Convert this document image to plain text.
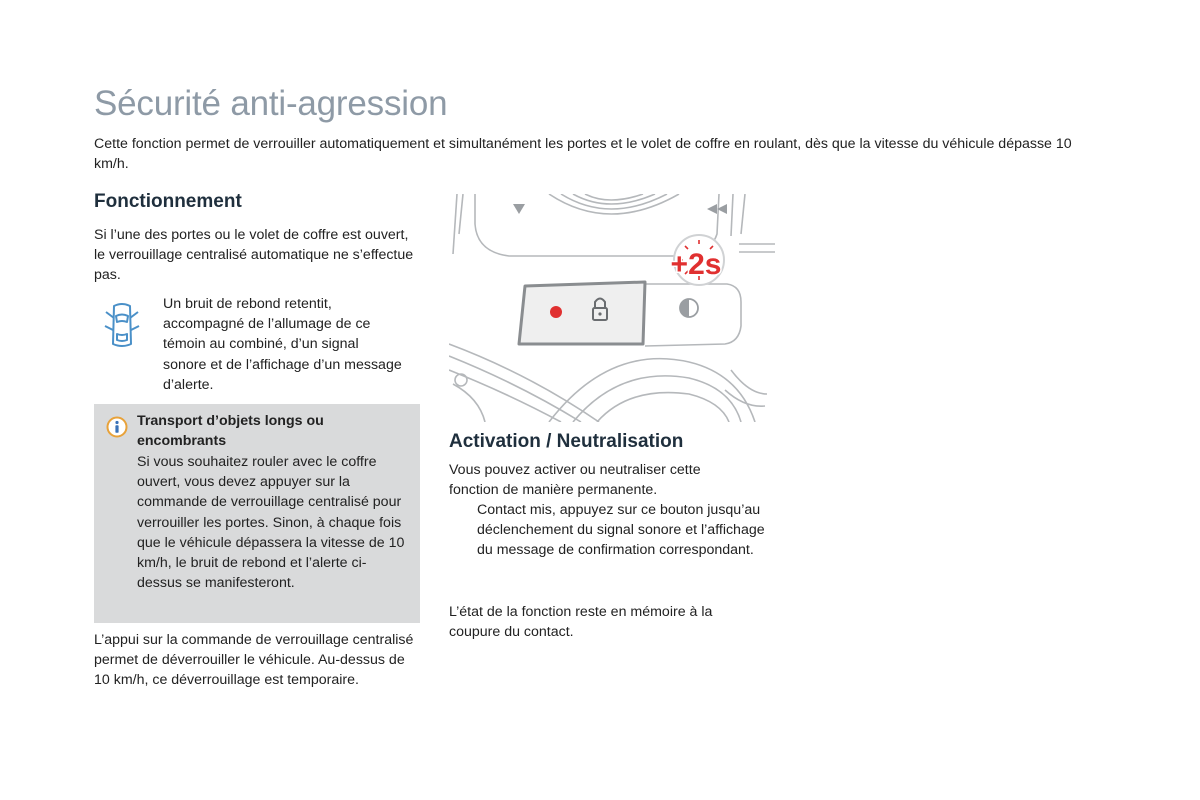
Sécurité anti-agression

Cette fonction permet de verrouiller automatiquement et simultanément les portes et le volet de coffre en roulant, dès que la vitesse du véhicule dépasse 10 km/h.

Fonctionnement

Si l’une des portes ou le volet de coffre est ouvert, le verrouillage centralisé automatique ne s’effectue pas.

Un bruit de rebond retentit, accompagné de l’allumage de ce témoin au combiné, d’un signal sonore et de l’affichage d’un message d’alerte.

Transport d’objets longs ou encombrants

Si vous souhaitez rouler avec le coffre ouvert, vous devez appuyer sur la commande de verrouillage centralisé pour verrouiller les portes. Sinon, à chaque fois que le véhicule dépassera la vitesse de 10 km/h, le bruit de rebond et l’alerte ci-dessus se manifesteront.

L’appui sur la commande de verrouillage centralisé permet de déverrouiller le véhicule. Au-dessus de 10 km/h, ce déverrouillage est temporaire.

+2s
Activation / Neutralisation

Vous pouvez activer ou neutraliser cette fonction de manière permanente.

Contact mis, appuyez sur ce bouton jusqu’au déclenchement du signal sonore et l’affichage du message de confirmation correspondant.

L’état de la fonction reste en mémoire à la coupure du contact.
